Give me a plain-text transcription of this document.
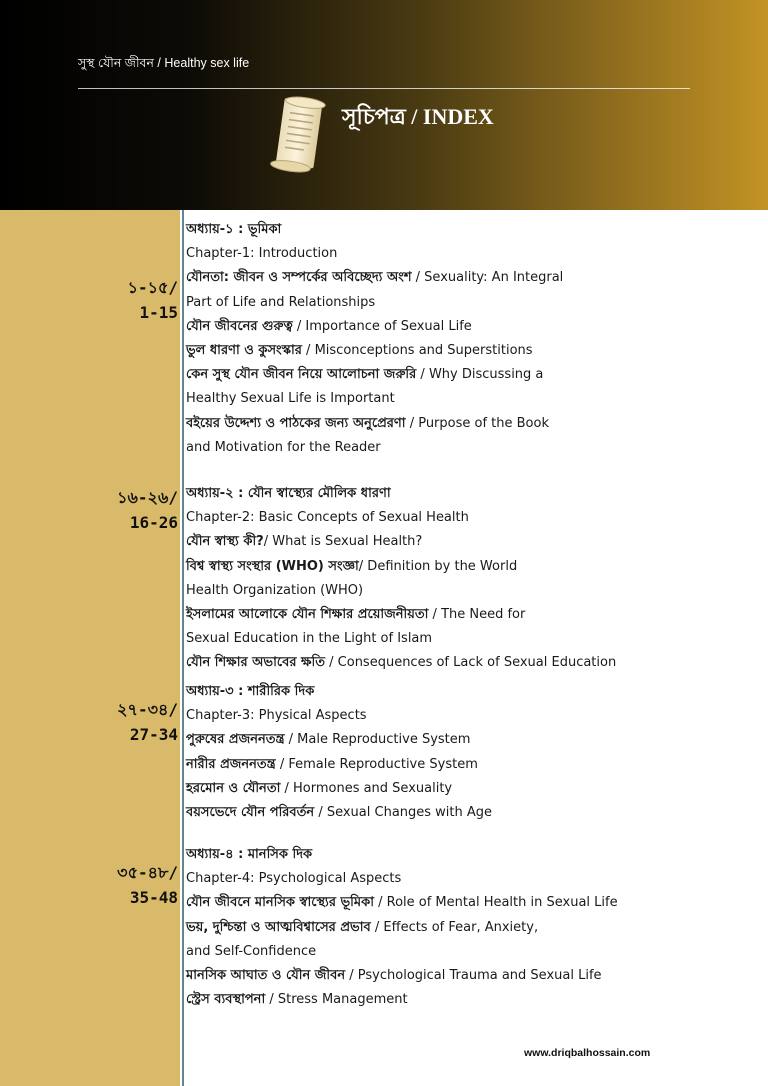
সুস্থ যৌন জীবন / Healthy sex life
সূচিপত্র / INDEX
১-১৫/
1-15
অধ্যায়-১ : ভূমিকা
Chapter-1: Introduction
যৌনতা: জীবন ও সম্পর্কের অবিচ্ছেদ্য অংশ / Sexuality: An Integral
Part of Life and Relationships
যৌন জীবনের গুরুত্ব / Importance of Sexual Life
ভুল ধারণা ও কুসংস্কার / Misconceptions and Superstitions
কেন সুস্থ যৌন জীবন নিয়ে আলোচনা জরুরি / Why Discussing a
Healthy Sexual Life is Important
বইয়ের উদ্দেশ্য ও পাঠকের জন্য অনুপ্রেরণা / Purpose of the Book
and Motivation for the Reader
১৬-২৬/
16-26
অধ্যায়-২ : যৌন স্বাস্থ্যের মৌলিক ধারণা
Chapter-2: Basic Concepts of Sexual Health
যৌন স্বাস্থ্য কী?/ What is Sexual Health?
বিশ্ব স্বাস্থ্য সংস্থার (WHO) সংজ্ঞা/ Definition by the World
Health Organization (WHO)
ইসলামের আলোকে যৌন শিক্ষার প্রয়োজনীয়তা / The Need for
Sexual Education in the Light of Islam
যৌন শিক্ষার অভাবের ক্ষতি / Consequences of Lack of Sexual Education
২৭-৩৪/
27-34
অধ্যায়-৩ : শারীরিক দিক
Chapter-3: Physical Aspects
পুরুষের প্রজননতন্ত্র / Male Reproductive System
নারীর প্রজননতন্ত্র / Female Reproductive System
হরমোন ও যৌনতা / Hormones and Sexuality
বয়সভেদে যৌন পরিবর্তন / Sexual Changes with Age
৩৫-৪৮/
35-48
অধ্যায়-৪ : মানসিক দিক
Chapter-4: Psychological Aspects
যৌন জীবনে মানসিক স্বাস্থ্যের ভূমিকা / Role of Mental Health in Sexual Life
ভয়, দুশ্চিন্তা ও আত্মবিশ্বাসের প্রভাব / Effects of Fear, Anxiety,
and Self-Confidence
মানসিক আঘাত ও যৌন জীবন / Psychological Trauma and Sexual Life
স্ট্রেস ব্যবস্থাপনা / Stress Management
www.driqbalhossain.com
